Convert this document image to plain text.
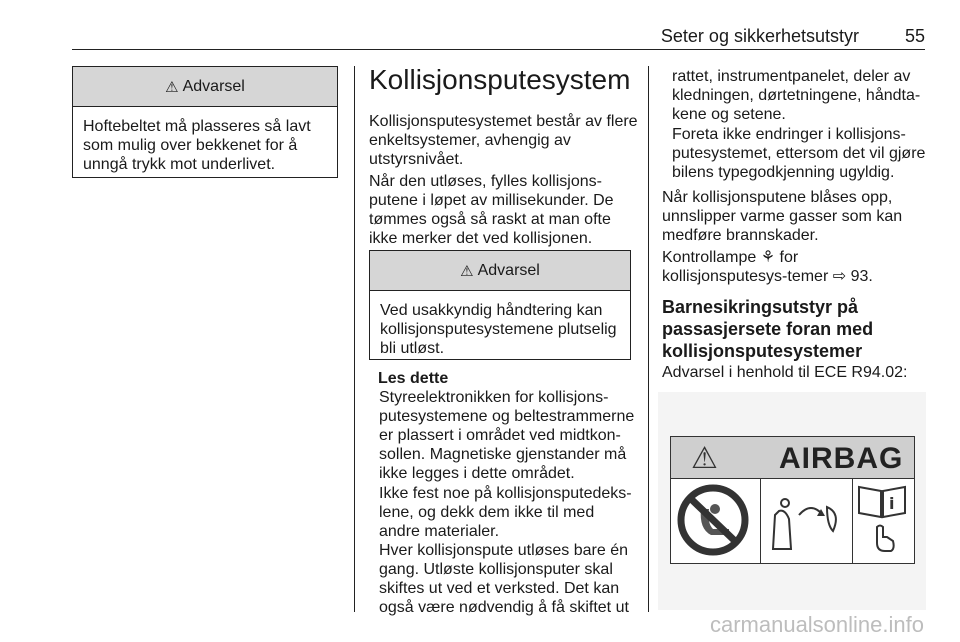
Seter og sikkerhetsutstyr	55
⚠ Advarsel
Hoftebeltet må plasseres så lavt som mulig over bekkenet for å unngå trykk mot underlivet.
Kollisjonsputesystem
Kollisjonsputesystemet består av flere enkeltsystemer, avhengig av utstyrsnivået.
Når den utløses, fylles kollisjons-putene i løpet av millisekunder. De tømmes også så raskt at man ofte ikke merker det ved kollisjonen.
⚠ Advarsel
Ved usakkyndig håndtering kan kollisjonsputesystemene plutselig bli utløst.
Les dette
Styreelektronikken for kollisjons-putesystemene og beltestrammerne er plassert i området ved midtkon-sollen. Magnetiske gjenstander må ikke legges i dette området.
Ikke fest noe på kollisjonsputedeks-lene, og dekk dem ikke til med andre materialer.
Hver kollisjonspute utløses bare én gang. Utløste kollisjonsputer skal skiftes ut ved et verksted. Det kan også være nødvendig å få skiftet ut
rattet, instrumentpanelet, deler av kledningen, dørtetningene, håndta-kene og setene.
Foreta ikke endringer i kollisjons-putesystemet, ettersom det vil gjøre bilens typegodkjenning ugyldig.
Når kollisjonsputene blåses opp, unnslipper varme gasser som kan medføre brannskader.
Kontrollampe ⚘ for kollisjonsputesys-temer ⇨ 93.
Barnesikringsutstyr på passasjersete foran med kollisjonsputesystemer
Advarsel i henhold til ECE R94.02:
⚠ AIRBAG
i
carmanualsonline.info
